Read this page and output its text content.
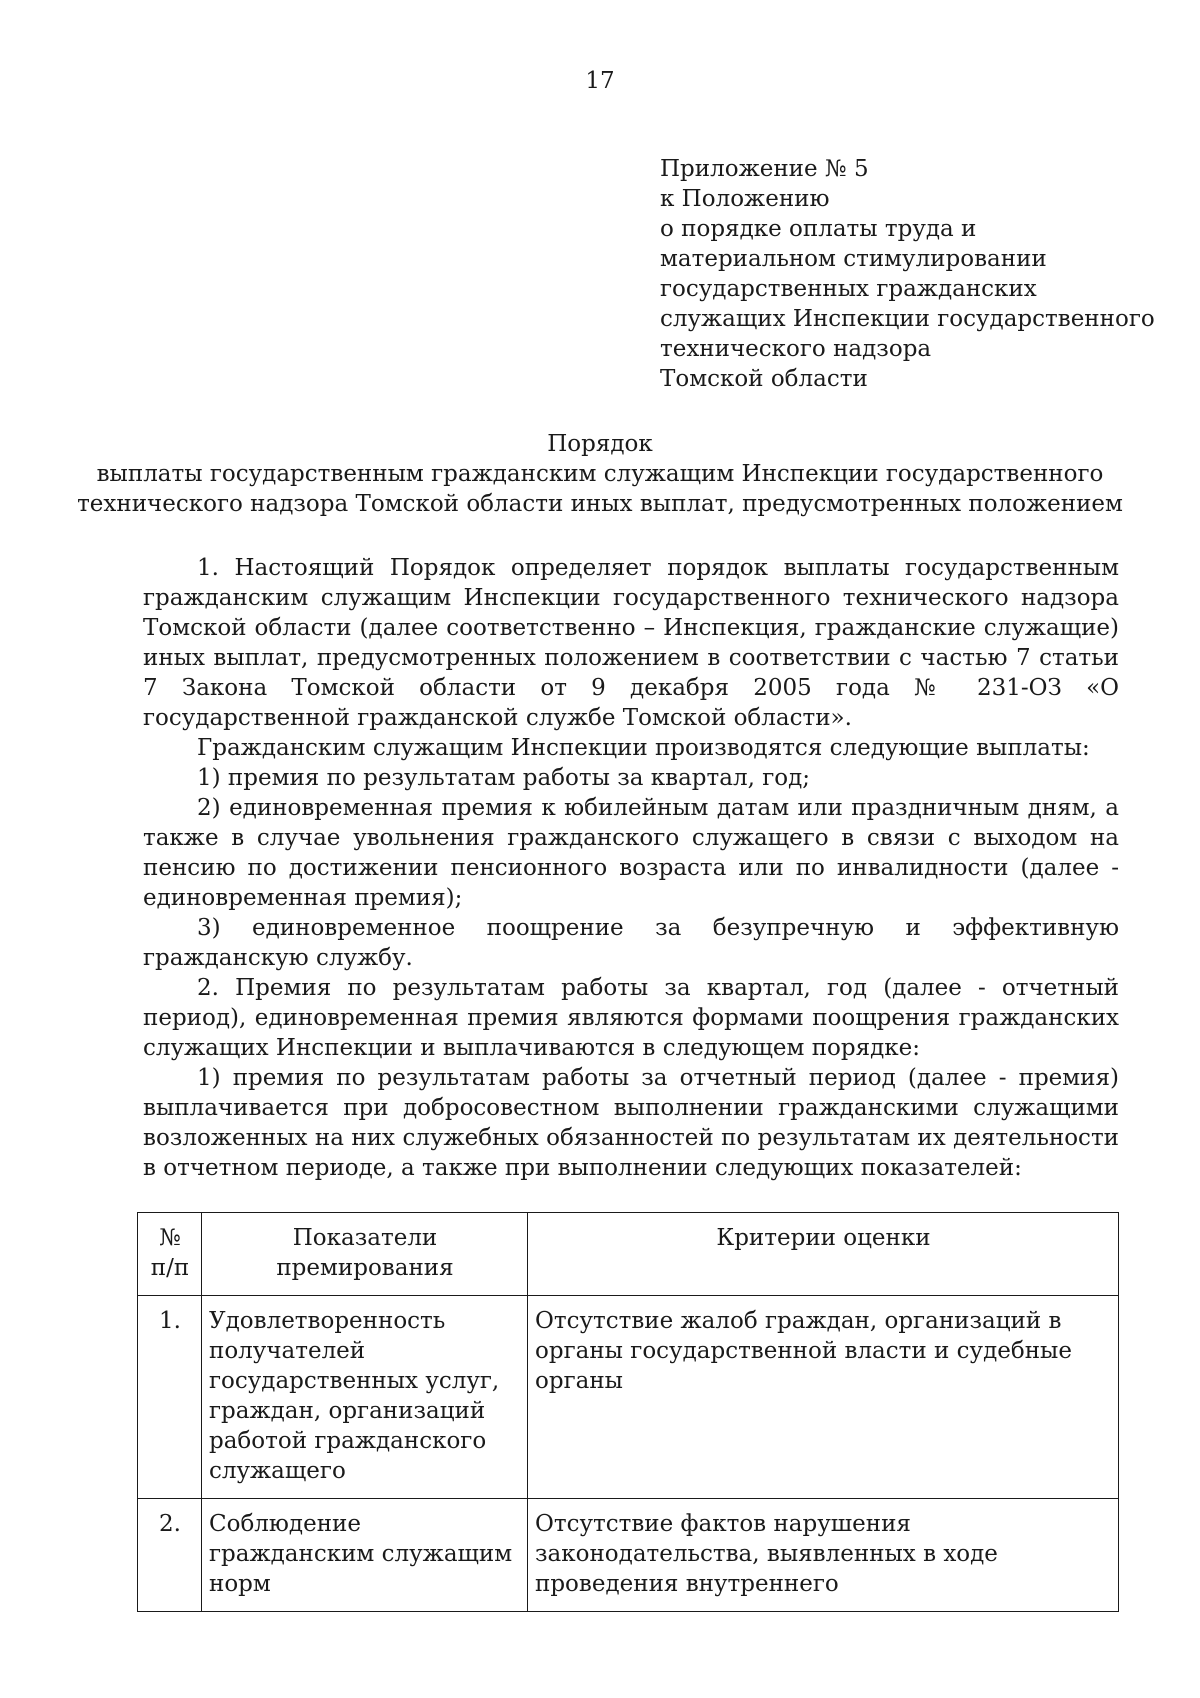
17
Приложение № 5
к Положению
о порядке оплаты труда и
материальном стимулировании
государственных гражданских
служащих Инспекции государственного
технического надзора
Томской области
Порядок
выплаты государственным гражданским служащим Инспекции государственного
технического надзора Томской области иных выплат, предусмотренных положением

1. Настоящий Порядок определяет порядок выплаты государственным гражданским служащим Инспекции государственного технического надзора Томской области (далее соответственно – Инспекция, гражданские служащие) иных выплат, предусмотренных положением в соответствии с частью 7 статьи 7 Закона Томской области от 9 декабря 2005 года № 231-ОЗ «О государственной гражданской службе Томской области».

Гражданским служащим Инспекции производятся следующие выплаты:

1) премия по результатам работы за квартал, год;

2) единовременная премия к юбилейным датам или праздничным дням, а также в случае увольнения гражданского служащего в связи с выходом на пенсию по достижении пенсионного возраста или по инвалидности (далее - единовременная премия);

3) единовременное поощрение за безупречную и эффективную гражданскую службу.

2. Премия по результатам работы за квартал, год (далее - отчетный период), единовременная премия являются формами поощрения гражданских служащих Инспекции и выплачиваются в следующем порядке:

1) премия по результатам работы за отчетный период (далее - премия) выплачивается при добросовестном выполнении гражданскими служащими возложенных на них служебных обязанностей по результатам их деятельности в отчетном периоде, а также при выполнении следующих показателей:

№ п/п	Показатели премирования	Критерии оценки
1.	Удовлетворенность получателей государственных услуг, граждан, организаций работой гражданского служащего	Отсутствие жалоб граждан, организаций в органы государственной власти и судебные органы
2.	Соблюдение гражданским служащим норм	Отсутствие фактов нарушения законодательства, выявленных в ходе проведения внутреннего
